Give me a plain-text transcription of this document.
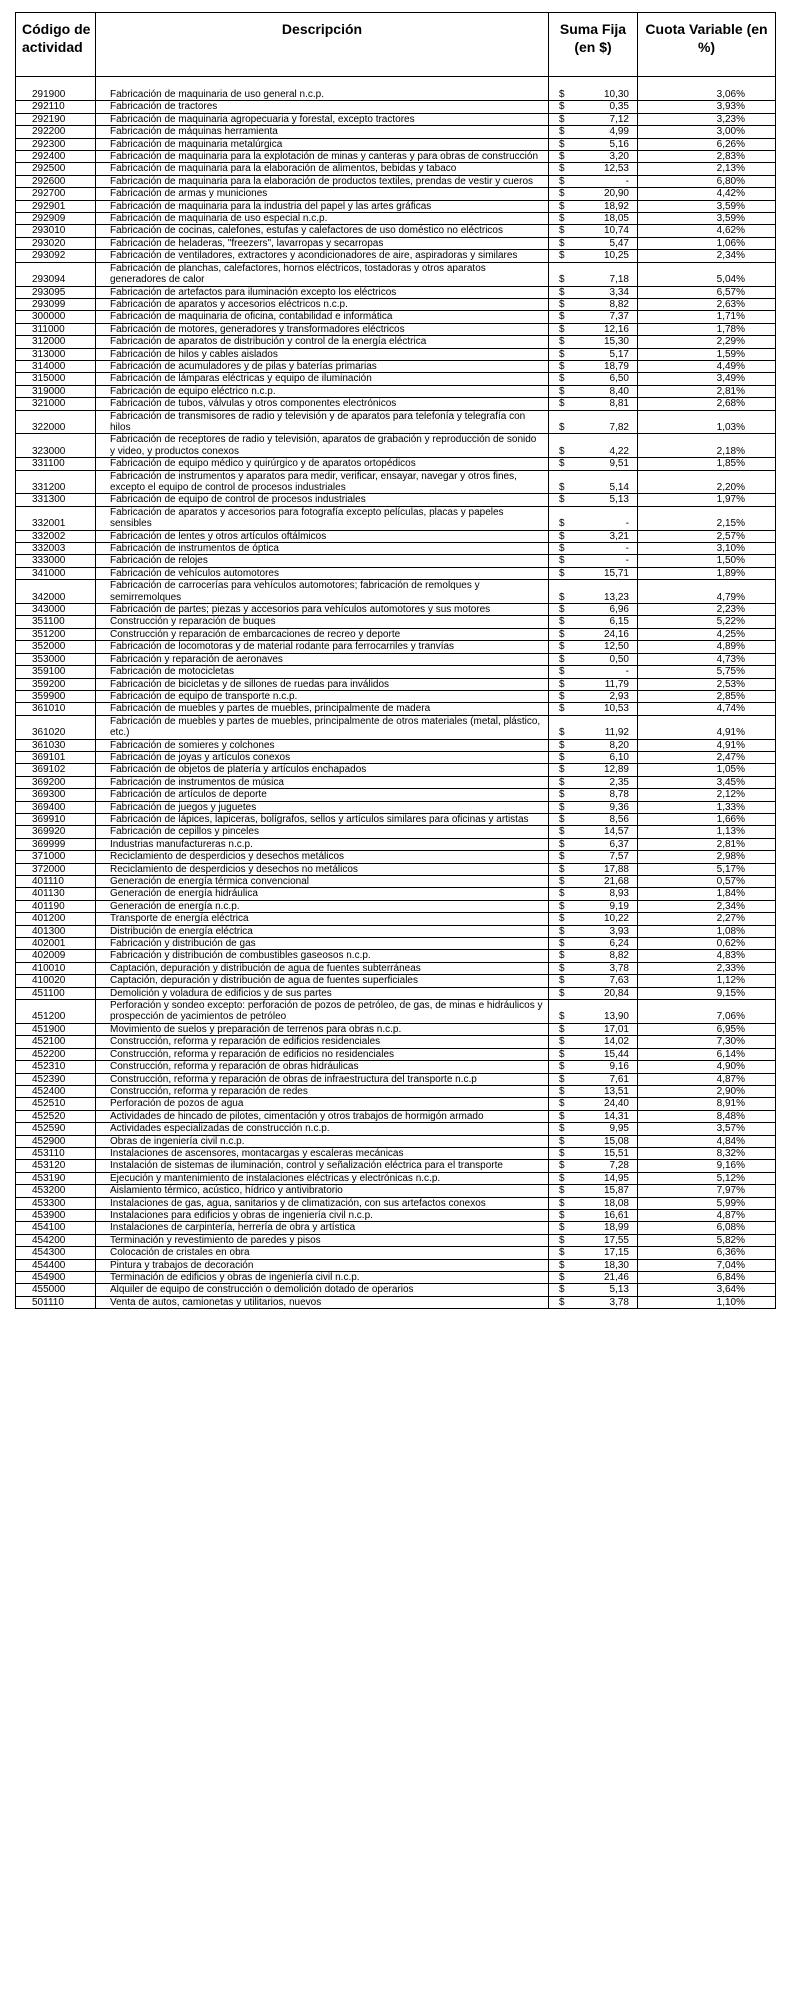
Código de actividad	Descripción	Suma Fija (en $)	Cuota Variable (en %)

291900	Fabricación de maquinaria de uso general n.c.p.	$ 10,30	3,06%
292110	Fabricación de tractores	$ 0,35	3,93%
292190	Fabricación de maquinaria agropecuaria y forestal, excepto tractores	$ 7,12	3,23%
292200	Fabricación de máquinas herramienta	$ 4,99	3,00%
292300	Fabricación de maquinaria metalúrgica	$ 5,16	6,26%
292400	Fabricación de maquinaria para la explotación de minas y canteras y para obras de construcción	$ 3,20	2,83%
292500	Fabricación de maquinaria para la elaboración de alimentos, bebidas y tabaco	$ 12,53	2,13%
292600	Fabricación de maquinaria para la elaboración de productos textiles, prendas de vestir y cueros	$ -	6,80%
292700	Fabricación de armas y municiones	$ 20,90	4,42%
292901	Fabricación de maquinaria para la industria del papel y las artes gráficas	$ 18,92	3,59%
292909	Fabricación de maquinaria de uso especial n.c.p.	$ 18,05	3,59%
293010	Fabricación de cocinas, calefones, estufas y calefactores de uso doméstico no eléctricos	$ 10,74	4,62%
293020	Fabricación de heladeras, "freezers", lavarropas y secarropas	$ 5,47	1,06%
293092	Fabricación de ventiladores, extractores y acondicionadores de aire, aspiradoras y similares	$ 10,25	2,34%
293094	Fabricación de planchas, calefactores, hornos eléctricos, tostadoras y otros aparatos generadores de calor	$ 7,18	5,04%
293095	Fabricación de artefactos para iluminación excepto los eléctricos	$ 3,34	6,57%
293099	Fabricación de aparatos y accesorios eléctricos n.c.p.	$ 8,82	2,63%
300000	Fabricación de maquinaria de oficina, contabilidad e informática	$ 7,37	1,71%
311000	Fabricación de motores, generadores y transformadores eléctricos	$ 12,16	1,78%
312000	Fabricación de aparatos de distribución y control de la energía eléctrica	$ 15,30	2,29%
313000	Fabricación de hilos y cables aislados	$ 5,17	1,59%
314000	Fabricación de acumuladores y de pilas y baterías primarias	$ 18,79	4,49%
315000	Fabricación de lámparas eléctricas y equipo de iluminación	$ 6,50	3,49%
319000	Fabricación de equipo eléctrico n.c.p.	$ 8,40	2,81%
321000	Fabricación de tubos, válvulas y otros componentes electrónicos	$ 8,81	2,68%
322000	Fabricación de transmisores de radio y televisión y de aparatos para telefonía y telegrafía con hilos	$ 7,82	1,03%
323000	Fabricación de receptores de radio y televisión, aparatos de grabación y reproducción de sonido y video, y productos conexos	$ 4,22	2,18%
331100	Fabricación de equipo médico y quirúrgico y de aparatos ortopédicos	$ 9,51	1,85%
331200	Fabricación de instrumentos y aparatos para medir, verificar, ensayar, navegar y otros fines, excepto el equipo de control de procesos industriales	$ 5,14	2,20%
331300	Fabricación de equipo de control de procesos industriales	$ 5,13	1,97%
332001	Fabricación de aparatos y accesorios para fotografía excepto películas, placas y papeles sensibles	$ -	2,15%
332002	Fabricación de lentes y otros artículos oftálmicos	$ 3,21	2,57%
332003	Fabricación de instrumentos de óptica	$ -	3,10%
333000	Fabricación de relojes	$ -	1,50%
341000	Fabricación de vehículos automotores	$ 15,71	1,89%
342000	Fabricación de carrocerías para vehículos automotores; fabricación de remolques y semirremolques	$ 13,23	4,79%
343000	Fabricación de partes; piezas y accesorios para vehículos automotores y sus motores	$ 6,96	2,23%
351100	Construcción y reparación de buques	$ 6,15	5,22%
351200	Construcción y reparación de embarcaciones de recreo y deporte	$ 24,16	4,25%
352000	Fabricación de locomotoras y de material rodante para ferrocarriles y tranvías	$ 12,50	4,89%
353000	Fabricación y reparación de aeronaves	$ 0,50	4,73%
359100	Fabricación de motocicletas	$ -	5,75%
359200	Fabricación de bicicletas y de sillones de ruedas para inválidos	$ 11,79	2,53%
359900	Fabricación de equipo de transporte n.c.p.	$ 2,93	2,85%
361010	Fabricación de muebles y partes de muebles, principalmente de madera	$ 10,53	4,74%
361020	Fabricación de muebles y partes de muebles, principalmente de otros materiales (metal, plástico, etc.)	$ 11,92	4,91%
361030	Fabricación de somieres y colchones	$ 8,20	4,91%
369101	Fabricación de joyas y artículos conexos	$ 6,10	2,47%
369102	Fabricación de objetos de platería y artículos enchapados	$ 12,89	1,05%
369200	Fabricación de instrumentos de música	$ 2,35	3,45%
369300	Fabricación de artículos de deporte	$ 8,78	2,12%
369400	Fabricación de juegos y juguetes	$ 9,36	1,33%
369910	Fabricación de lápices, lapiceras, bolígrafos, sellos y artículos similares para oficinas y artistas	$ 8,56	1,66%
369920	Fabricación de cepillos y pinceles	$ 14,57	1,13%
369999	Industrias manufactureras n.c.p.	$ 6,37	2,81%
371000	Reciclamiento de desperdicios y desechos metálicos	$ 7,57	2,98%
372000	Reciclamiento de desperdicios y desechos no metálicos	$ 17,88	5,17%
401110	Generación de energía térmica convencional	$ 21,68	0,57%
401130	Generación de energía hidráulica	$ 8,93	1,84%
401190	Generación de energía n.c.p.	$ 9,19	2,34%
401200	Transporte de energía eléctrica	$ 10,22	2,27%
401300	Distribución de energía eléctrica	$ 3,93	1,08%
402001	Fabricación y distribución de gas	$ 6,24	0,62%
402009	Fabricación y distribución de combustibles gaseosos n.c.p.	$ 8,82	4,83%
410010	Captación, depuración y distribución de agua de fuentes subterráneas	$ 3,78	2,33%
410020	Captación, depuración y distribución de agua de fuentes superficiales	$ 7,63	1,12%
451100	Demolición y voladura de edificios y de sus partes	$ 20,84	9,15%
451200	Perforación y sondeo excepto: perforación de pozos de petróleo, de gas, de minas e hidráulicos y prospección de yacimientos de petróleo	$ 13,90	7,06%
451900	Movimiento de suelos y preparación de terrenos para obras n.c.p.	$ 17,01	6,95%
452100	Construcción, reforma y reparación de edificios residenciales	$ 14,02	7,30%
452200	Construcción, reforma y reparación de edificios no residenciales	$ 15,44	6,14%
452310	Construcción, reforma y reparación de obras hidráulicas	$ 9,16	4,90%
452390	Construcción, reforma y reparación de obras de infraestructura del transporte n.c.p	$ 7,61	4,87%
452400	Construcción, reforma y reparación de redes	$ 13,51	2,90%
452510	Perforación de pozos de agua	$ 24,40	8,91%
452520	Actividades de hincado de pilotes, cimentación y otros trabajos de hormigón armado	$ 14,31	8,48%
452590	Actividades especializadas de construcción n.c.p.	$ 9,95	3,57%
452900	Obras de ingeniería civil n.c.p.	$ 15,08	4,84%
453110	Instalaciones de ascensores, montacargas y escaleras mecánicas	$ 15,51	8,32%
453120	Instalación de sistemas de iluminación, control y señalización eléctrica para el transporte	$ 7,28	9,16%
453190	Ejecución y mantenimiento de instalaciones eléctricas y electrónicas n.c.p.	$ 14,95	5,12%
453200	Aislamiento térmico, acústico, hídrico y antivibratorio	$ 15,87	7,97%
453300	Instalaciones de gas, agua, sanitarios y de climatización, con sus artefactos conexos	$ 18,08	5,99%
453900	Instalaciones para edificios y obras de ingeniería civil n.c.p.	$ 16,61	4,87%
454100	Instalaciones de carpintería, herrería de obra y artística	$ 18,99	6,08%
454200	Terminación y revestimiento de paredes y pisos	$ 17,55	5,82%
454300	Colocación de cristales en obra	$ 17,15	6,36%
454400	Pintura y trabajos de decoración	$ 18,30	7,04%
454900	Terminación de edificios y obras de ingeniería civil n.c.p.	$ 21,46	6,84%
455000	Alquiler de equipo de construcción o demolición dotado de operarios	$ 5,13	3,64%
501110	Venta de autos, camionetas y utilitarios, nuevos	$ 3,78	1,10%
